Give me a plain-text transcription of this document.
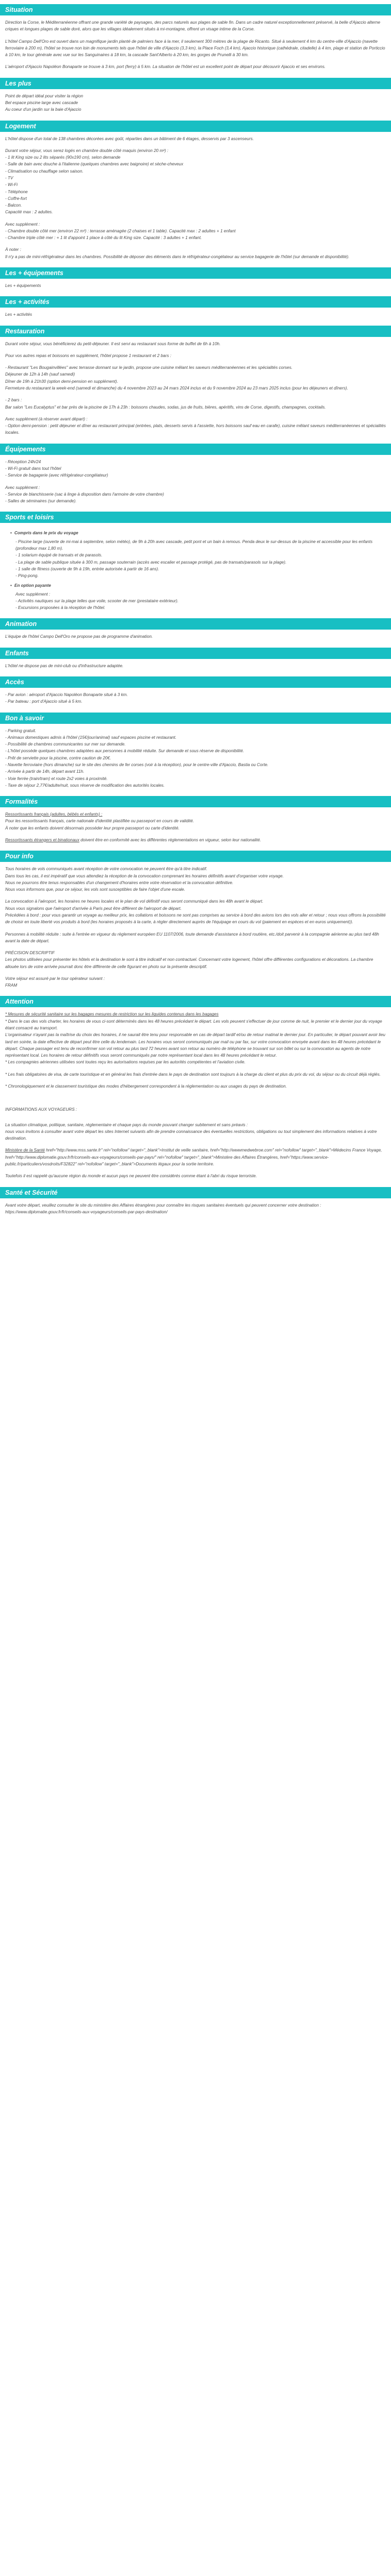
Situation

Direction la Corse, le Méditerranéenne offrant une grande variété de paysages, des parcs naturels aux plages de sable fin. Dans un cadre naturel exceptionnellement préservé, la belle d'Ajaccio alterne criques et longues plages de sable doré, alors que les villages idéalement situés à mi-montagne, offrent un visage intime de la Corse.

L'hôtel Campo Dell'Oro est ouvert dans un magnifique jardin planté de palmiers face à la mer, il seulement 300 mètres de la plage de Ricanto. Situé à seulement 4 km du centre-ville d'Ajaccio (navette ferroviaire à 200 m), l'hôtel se trouve non loin de monuments tels que l'hôtel de ville d'Ajaccio (3,3 km), la Place Foch (3,4 km), Ajaccio historique (cathédrale, citadelle) à 4 km, plage et station de Porticcio à 10 km, le tour générale avec vue sur les Sanguinaires à 18 km, la cascade Sant'Alberto à 20 km, les gorges de Prunelli à 30 km.

L'aéroport d'Ajaccio Napoléon Bonaparte se trouve à 3 km, port (ferry) à 5 km. La situation de l'hôtel est un excellent point de départ pour découvrir Ajaccio et ses environs.

Les plus

Point de départ idéal pour visiter la région

Bel espace piscine large avec cascade

Au coeur d'un jardin sur la baie d'Ajaccio

Logement

L'hôtel dispose d'un total de 138 chambres décorées avec goût, réparties dans un bâtiment de 6 étages, desservis par 3 ascenseurs.

Durant votre séjour, vous serez logés en chambre double côté maquis (environ 20 m²) :

- 1 lit King size ou 2 lits séparés (90x190 cm), selon demande

- Salle de bain avec douche à l'italienne (quelques chambres avec baignoire) et sèche-cheveux

- Climatisation ou chauffage selon saison.

- TV

- Wi-Fi

- Téléphone

- Coffre-fort

- Balcon.

Capacité max : 2 adultes.

Avec supplément :

- Chambre double côté mer (environ 22 m²) : terrasse aménagée (2 chaises et 1 table). Capacité max : 2 adultes + 1 enfant

- Chambre triple côté mer : + 1 lit d'appoint 1 place à côté du lit King size. Capacité : 3 adultes + 1 enfant.

À noter :

Il n'y a pas de mini-réfrigérateur dans les chambres. Possibilité de déposer des éléments dans le réfrigérateur-congélateur au service bagagerie de l'hôtel (sur demande et disponibilité).

Les + équipements

Les + équipements

Les + activités

Les + activités

Restauration

Durant votre séjour, vous bénéficierez du petit-déjeuner. Il est servi au restaurant sous forme de buffet de 6h à 10h.

Pour vos autres repas et boissons en supplément, l'hôtel propose 1 restaurant et 2 bars :

- Restaurant "Les Bougainvillées" avec terrasse donnant sur le jardin, propose une cuisine mêlant les saveurs méditerranéennes et les spécialités corses.

Déjeuner de 12h à 14h (sauf samedi)

Dîner de 19h à 21h30 (option demi-pension en supplément).

Fermeture du restaurant la week-end (samedi et dimanche) du 4 novembre 2023 au 24 mars 2024 inclus et du 9 novembre 2024 au 23 mars 2025 inclus (pour les déjeuners et dîners).

- 2 bars :

Bar salon "Les Eucalyptus" et bar près de la piscine de 17h à 23h : boissons chaudes, sodas, jus de fruits, bières, apéritifs, vins de Corse, digestifs, champagnes, cocktails.

Avec supplément (à réserver avant départ) :

- Option demi-pension : petit déjeuner et dîner au restaurant principal (entrées, plats, desserts servis à l'assiette, hors boissons sauf eau en carafe), cuisine mêlant saveurs méditerranéennes et spécialités locales.

Équipements

- Réception 24h/24

- Wi-Fi gratuit dans tout l'hôtel

- Service de bagagerie (avec réfrigérateur-congélateur)

Avec supplément :

- Service de blanchisserie (sac à linge à disposition dans l'armoire de votre chambre)

- Salles de séminaires (sur demande).

Sports et loisirs

• Compris dans le prix du voyage

- Piscine large (ouverte de mi-mai à septembre, selon météo), de 9h à 20h avec cascade, petit pont et un bain à remous. Penda deux le sur-dessus de la piscine et accessible pour les enfants (profondeur max 1,80 m).

- 1 solarium équipé de transats et de parasols.

- La plage de sable publique située à 300 m, passage souterrain (accès avec escalier et passage protégé, pas de transats/parasols sur la plage).

- 1 salle de fitness (ouverte de 9h à 19h, entrée autorisée à partir de 16 ans).

- Ping-pong.

• En option payante

Avec supplément :

- Activités nautiques sur la plage telles que voile, scooter de mer (prestataire extérieur).

- Excursions proposées à la réception de l'hôtel.

Animation

L'équipe de l'hôtel Campo Dell'Oro ne propose pas de programme d'animation.

Enfants

L'hôtel ne dispose pas de mini-club ou d'infrastructure adaptée.

Accès

- Par avion : aéroport d'Ajaccio Napoléon Bonaparte situé à 3 km.

- Par bateau : port d'Ajaccio situé à 5 km.

Bon à savoir

- Parking gratuit.

- Animaux domestiques admis à l'hôtel (15€/jour/animal) sauf espaces piscine et restaurant.

- Possibilité de chambres communicantes sur mer sur demande.

- L'hôtel possède quelques chambres adaptées aux personnes à mobilité réduite. Sur demande et sous réserve de disponibilité.

- Prêt de serviette pour la piscine, contre caution de 20€.

- Navette ferroviaire (hors dimanche) sur le site des chemins de fer corses (voir à la réception), pour le centre-ville d'Ajaccio, Bastia ou Corte.

- Arrivée à partir de 14h, départ avant 11h.

- Voie ferrée (train/tram) et route 2x2 voies à proximité.

- Taxe de séjour 2,77€/adulte/nuit, sous réserve de modification des autorités locales.

Formalités

Ressortissants français (adultes, bébés et enfants) :

Pour les ressortissants français, carte nationale d'identité plastifiée ou passeport en cours de validité.

À noter que les enfants doivent désormais posséder leur propre passeport ou carte d'identité.

Ressortissants étrangers et binationaux doivent être en conformité avec les différentes réglementations en vigueur, selon leur nationalité.

Pour info

Tous horaires de vols communiqués avant réception de votre convocation ne peuvent être qu'à titre indicatif.

Dans tous les cas, il est impératif que vous attendiez la réception de la convocation comprenant les horaires définitifs avant d'organiser votre voyage.

Nous ne pourrons être tenus responsables d'un changement d'horaires entre votre réservation et la convocation définitive.

Nous vous informons que, pour ce séjour, les vols sont susceptibles de faire l'objet d'une escale.

La convocation à l'aéroport, les horaires ne heures locales et le plan de vol définitif vous seront communiqué dans les 48h avant le départ.

Nous vous signalons que l'aéroport d'arrivée à Paris peut être différent de l'aéroport de départ.

Précédées à bord : pour vous garantir un voyage au meilleur prix, les collations et boissons ne sont pas comprises au service à bord des avions lors des vols aller et retour ; nous vous offrons la possibilité de choisir en toute liberté vos produits à bord (les horaires proposés à la carte, à régler directement auprès de l'équipage en cours du vol (paiement en espèces et en euros uniquement)).

Personnes à mobilité réduite : suite à l'entrée en vigueur du règlement européen EU 1107/2006, toute demande d'assistance à bord routière, etc./doit parvenir à la compagnie aérienne au plus tard 48h avant la date de départ.

PRÉCISION DESCRIPTIF

Les photos utilisées pour présenter les hôtels et la destination le sont à titre indicatif et non contractuel. Concernant votre logement, l'hôtel offre différentes configurations et décorations. La chambre allouée lors de votre arrivée pourrait donc être différente de celle figurant en photo sur la présente descriptif.

Votre séjour est assuré par le tour opérateur suivant :

FRAM

Attention

* Mesures de sécurité sanitaire sur les bagages mesures de restriction sur les liquides contenus dans les bagages

* Dans le cas des vols charter, les horaires de vous ci-sont déterminés dans les 48 heures précédant le départ. Les vols peuvent s'effectuer de jour comme de nuit, le premier et le dernier jour du voyage étant consacré au transport.

L'organisateur n'ayant pas la maîtrise du choix des horaires, il ne saurait être tenu pour responsable en cas de départ tardif et/ou de retour matinal le dernier jour. En particulier, le départ pouvant avoir lieu tard en soirée, la date effective de départ peut être celle du lendemain. Les horaires vous seront communiqués par mail ou par fax, sur votre convocation envoyée avant dans les 48 heures précédant le départ. Chaque passager est tenu de reconfirmer son vol retour au plus tard 72 heures avant son retour au numéro de téléphone se trouvant sur son billet ou sur la convocation au agents de notre représentant local. Les horaires de retour définitifs vous seront communiqués par notre représentant local dans les 48 heures précédant le retour.

* Les compagnies aériennes utilisées sont toutes reçu les autorisations requises par les autorités compétentes et l'aviation civile.

* Les frais obligatoires de visa, de carte touristique et en général les frais d'entrée dans le pays de destination sont toujours à la charge du client et plus du prix du vol, du séjour ou du circuit déjà réglés.

* Chronologiquement et le classement touristique des modes d'hébergement correspondent à la réglementation ou aux usages du pays de destination.

INFORMATIONS AUX VOYAGEURS :

La situation climatique, politique, sanitaire, réglementaire et chaque pays du monde pouvant changer subitement et sans préavis :

nous vous invitons à consulter avant votre départ les sites Internet suivants afin de prendre connaissance des éventuelles restrictions, obligations ou tout simplement des informations relatives à votre destination.

Ministère de la Santé href="http://www.mss.sante.fr" rel="nofollow" target="_blank">Institut de veille sanitaire, href="http://wwwmedwebroe.com" rel="nofollow" target="_blank">Médecins France Voyage, href="http://www.diplomatie.gouv.fr/fr/conseils-aux-voyageurs/conseils-par-pays/" rel="nofollow" target="_blank">Ministère des Affaires Étrangères, href="https://www.service-public.fr/particuliers/vosdroits/F32822" rel="nofollow" target="_blank">Documents légaux pour la sortie territoire.

Toutefois il est rappelé qu'aucune région du monde et aucun pays ne peuvent être considérés comme étant à l'abri du risque terroriste.

Santé et Sécurité

Avant votre départ, veuillez consulter le site du ministère des Affaires étrangères pour connaître les risques sanitaires éventuels qui peuvent concerner votre destination : https://www.diplomatie.gouv.fr/fr/conseils-aux-voyageurs/conseils-par-pays-destination/
